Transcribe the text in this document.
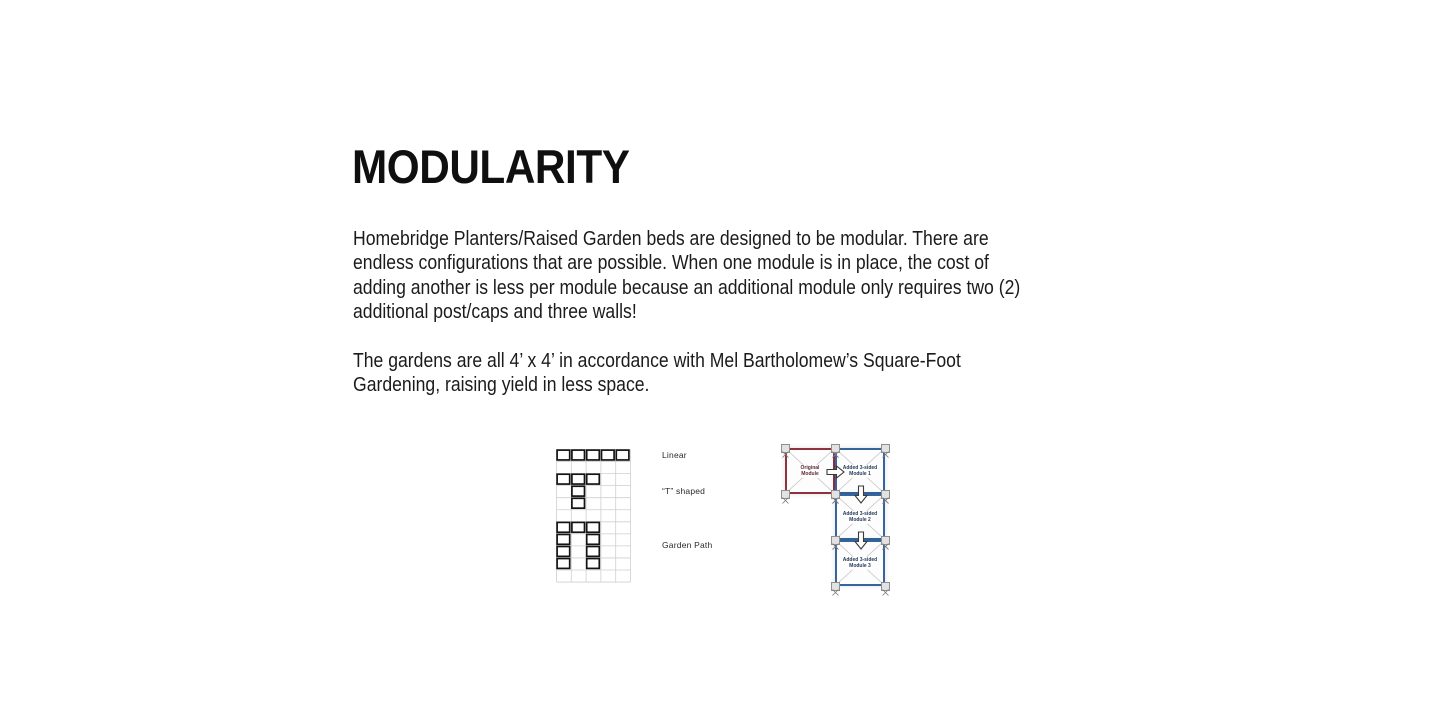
MODULARITY
Homebridge Planters/Raised Garden beds are designed to be modular. There are
endless configurations that are possible. When one module is in place, the cost of
adding another is less per module because an additional module only requires two (2)
additional post/caps and three walls!
The gardens are all 4’ x 4’ in accordance with Mel Bartholomew’s Square-Foot
Gardening, raising yield in less space.
Linear
“T” shaped
Garden Path
Original
Module

Added 3-sided
Module 1

Added 3-sided
Module 2

Added 3-sided
Module 3
